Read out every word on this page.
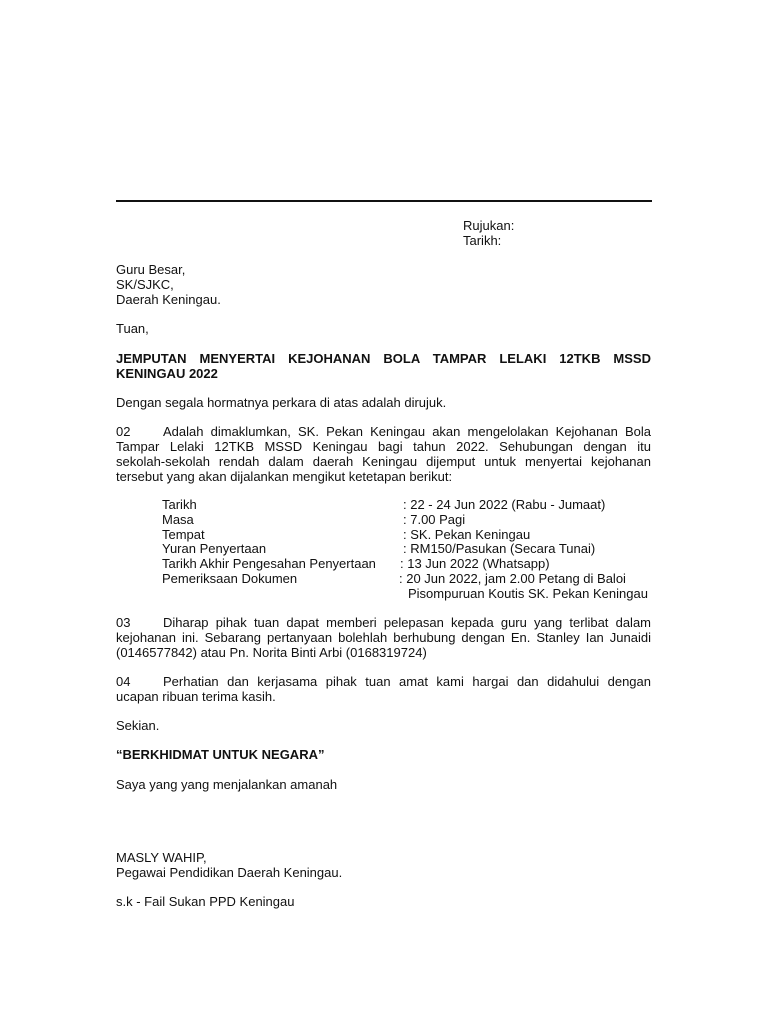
Rujukan:
Tarikh:
Guru Besar,
SK/SJKC,
Daerah Keningau.
Tuan,
JEMPUTAN MENYERTAI KEJOHANAN BOLA TAMPAR LELAKI 12TKB MSSD
KENINGAU 2022
Dengan segala hormatnya perkara di atas adalah dirujuk.
02	Adalah dimaklumkan, SK. Pekan Keningau akan mengelolakan Kejohanan Bola
Tampar Lelaki 12TKB MSSD Keningau bagi tahun 2022. Sehubungan dengan itu
sekolah-sekolah rendah dalam daerah Keningau dijemput untuk menyertai kejohanan
tersebut yang akan dijalankan mengikut ketetapan berikut:
Tarikh	: 22 - 24 Jun 2022 (Rabu - Jumaat)
Masa	: 7.00 Pagi
Tempat	: SK. Pekan Keningau
Yuran Penyertaan	: RM150/Pasukan (Secara Tunai)
Tarikh Akhir Pengesahan Penyertaan : 13 Jun 2022 (Whatsapp)
Pemeriksaan Dokumen	: 20 Jun 2022, jam 2.00 Petang di Baloi
Pisompuruan Koutis SK. Pekan Keningau
03	Diharap pihak tuan dapat memberi pelepasan kepada guru yang terlibat dalam
kejohanan ini. Sebarang pertanyaan bolehlah berhubung dengan En. Stanley Ian Junaidi
(0146577842) atau Pn. Norita Binti Arbi (0168319724)
04	Perhatian dan kerjasama pihak tuan amat kami hargai dan didahului dengan
ucapan ribuan terima kasih.
Sekian.
“BERKHIDMAT UNTUK NEGARA”
Saya yang yang menjalankan amanah
MASLY WAHIP,
Pegawai Pendidikan Daerah Keningau.
s.k - Fail Sukan PPD Keningau
